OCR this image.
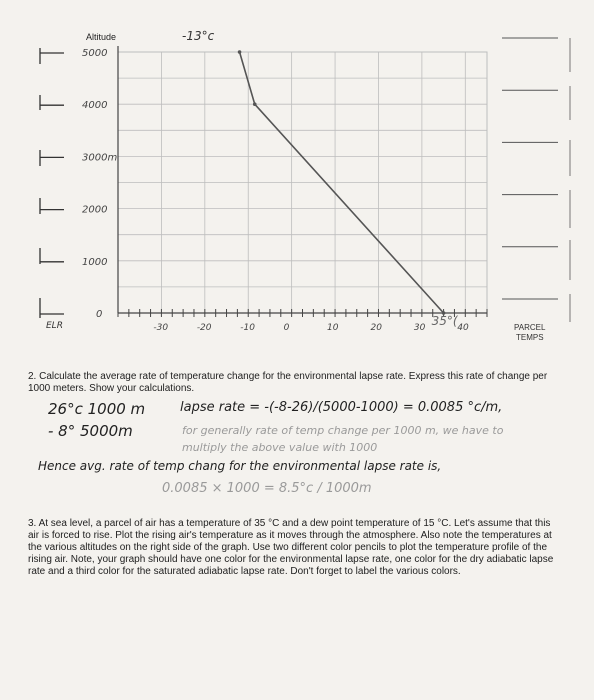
Altitude
5000
4000
3000m
2000
1000
0
-30	-20	-10	0	10	20	30	40
35°(
-13°c
ELR	PARCEL
TEMPS
2. Calculate the average rate of temperature change for the environmental lapse rate. Express this rate of change per 1000 meters. Show your calculations.
26°c 1000 m	lapse rate = -(-8-26)/(5000-1000) = 0.0085 °c/m,
- 8° 5000m	for generally rate of temp change per 1000 m, we have to
multiply the above value with 1000
Hence avg. rate of temp chang for the environmental lapse rate is,
0.0085 × 1000 = 8.5°c / 1000m
3. At sea level, a parcel of air has a temperature of 35 °C and a dew point temperature of 15 °C. Let's assume that this air is forced to rise. Plot the rising air's temperature as it moves through the atmosphere. Also note the temperatures at the various altitudes on the right side of the graph. Use two different color pencils to plot the temperature profile of the rising air. Note, your graph should have one color for the environmental lapse rate, one color for the dry adiabatic lapse rate and a third color for the saturated adiabatic lapse rate. Don't forget to label the various colors.
